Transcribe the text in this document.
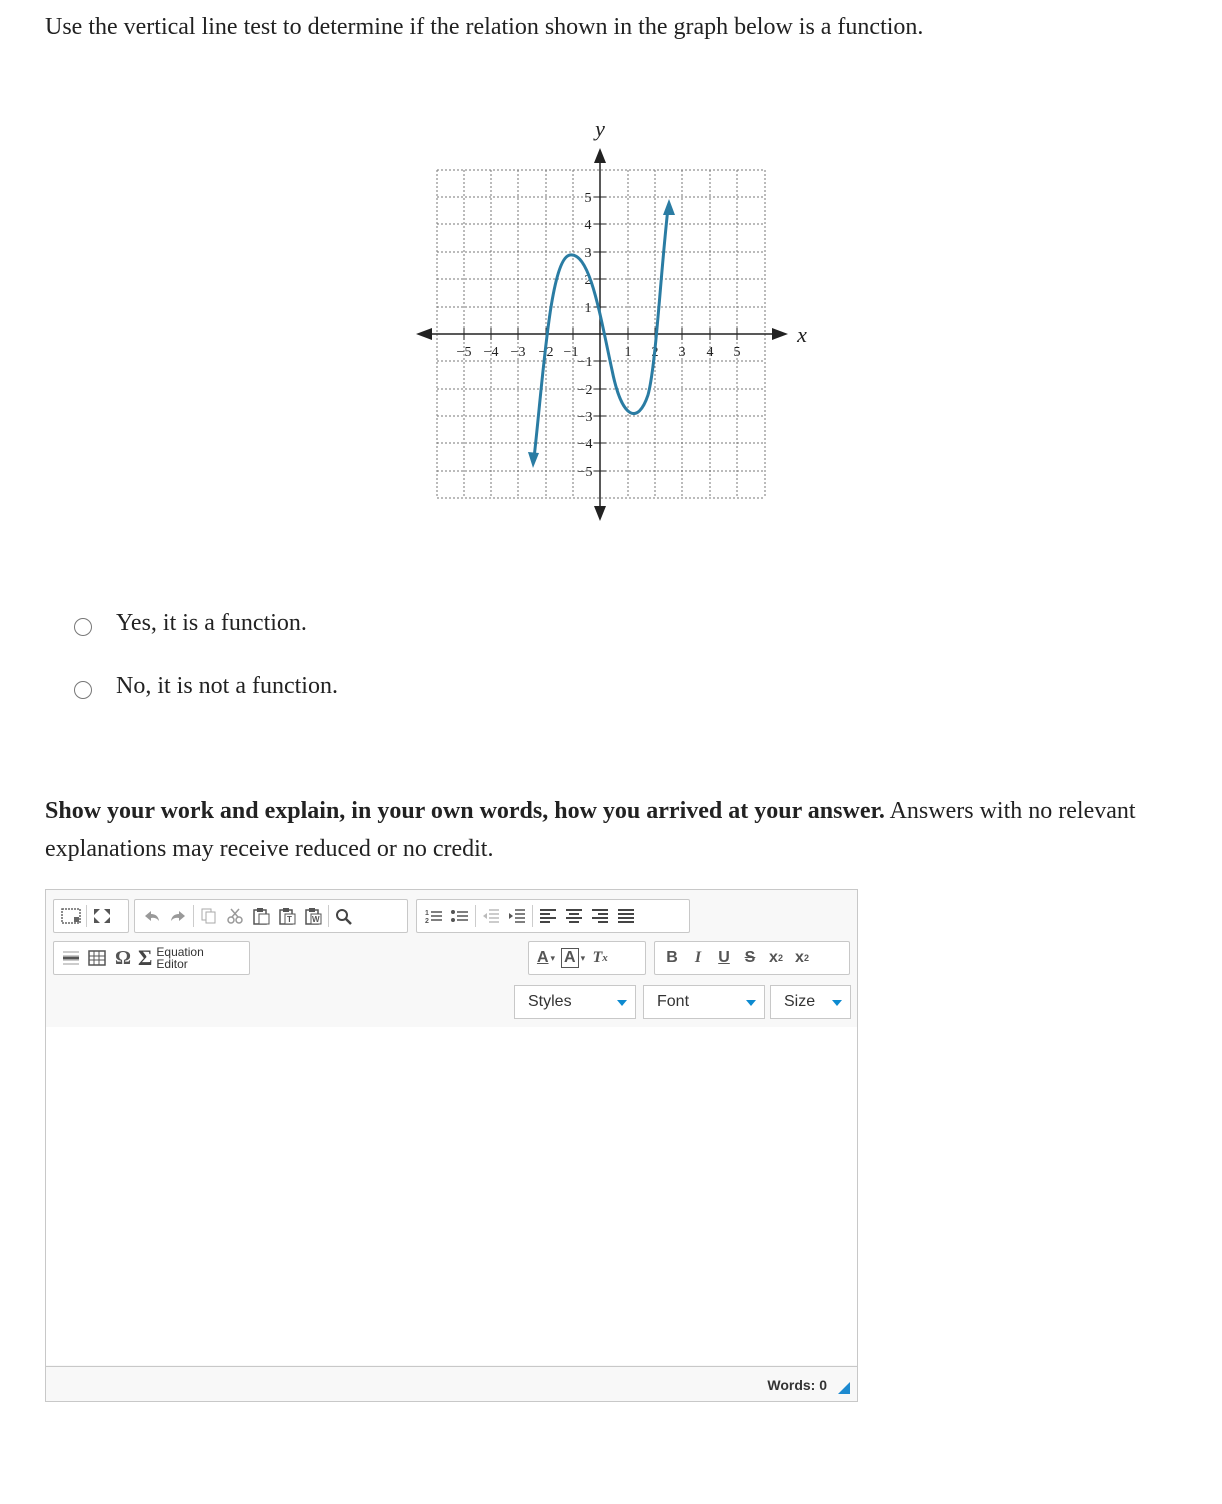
Use the vertical line test to determine if the relation shown in the graph below is a function.
−5 −4 −3 −2 −1	1 2 3 4 5
5
4
3
2
1
−1
−2
−3
−4
−5
y
x
Yes, it is a function.
No, it is not a function.
Show your work and explain, in your own words, how you arrived at your answer. Answers with no relevant explanations may receive reduced or no credit.
T	W
1
2
Ω Σ Equation
Editor	A ▾ A ▾ T x	B	I	U S x 2 x 2
Styles	Font	Size
Words: 0
